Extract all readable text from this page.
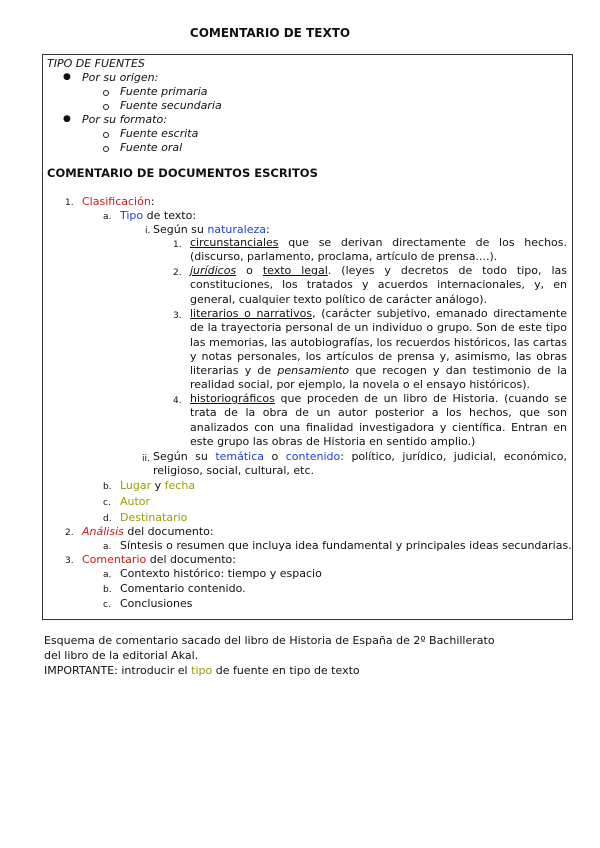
COMENTARIO DE TEXTO
TIPO DE FUENTES
● Por su origen:
Fuente primaria
Fuente secundaria
● Por su formato:
Fuente escrita
Fuente oral
COMENTARIO DE DOCUMENTOS ESCRITOS
1. Clasificación:
a. Tipo de texto:
i. Según su naturaleza:
1. circunstanciales que se derivan directamente de los hechos. (discurso, parlamento, proclama, artículo de prensa....).
2. jurídicos o texto legal. (leyes y decretos de todo tipo, las constituciones, los tratados y acuerdos internacionales, y, en general, cualquier texto político de carácter análogo).
3. literarios o narrativos, (carácter subjetivo, emanado directamente de la trayectoria personal de un individuo o grupo. Son de este tipo las memorias, las autobiografías, los recuerdos históricos, las cartas y notas personales, los artículos de prensa y, asimismo, las obras literarias y de pensamiento que recogen y dan testimonio de la realidad social, por ejemplo, la novela o el ensayo históricos).
4. historiográficos que proceden de un libro de Historia. (cuando se trata de la obra de un autor posterior a los hechos, que son analizados con una finalidad investigadora y científica. Entran en este grupo las obras de Historia en sentido amplio.)
ii. Según su temática o contenido: político, jurídico, judicial, económico, religioso, social, cultural, etc.
b. Lugar y fecha
c. Autor
d. Destinatario
2. Análisis del documento:
a. Síntesis o resumen que incluya idea fundamental y principales ideas secundarias.
3. Comentario del documento:
a. Contexto histórico: tiempo y espacio
b. Comentario contenido.
c. Conclusiones
Esquema de comentario sacado del libro de Historia de España de 2º Bachillerato
del libro de la editorial Akal.
IMPORTANTE: introducir el tipo de fuente en tipo de texto
